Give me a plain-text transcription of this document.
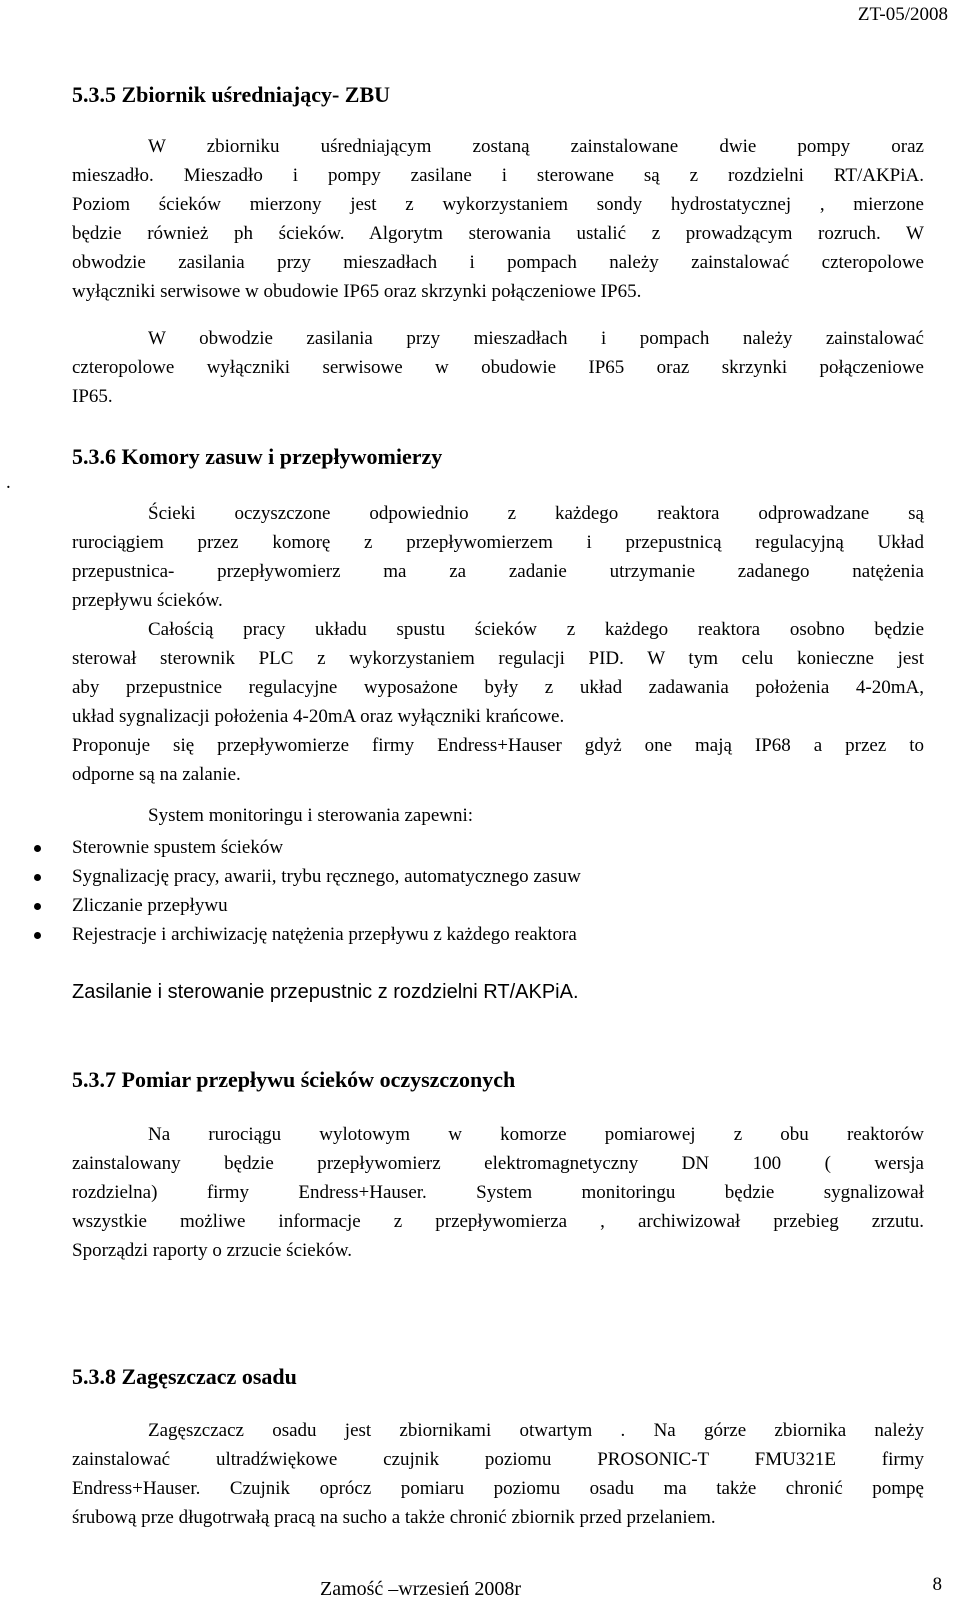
ZT-05/2008
5.3.5 Zbiornik uśredniający- ZBU
W zbiorniku uśredniającym zostaną zainstalowane dwie pompy oraz
mieszadło. Mieszadło i pompy zasilane i sterowane są z rozdzielni RT/AKPiA.
Poziom ścieków mierzony jest z wykorzystaniem sondy hydrostatycznej , mierzone
będzie również ph ścieków. Algorytm sterowania ustalić z prowadzącym rozruch. W
obwodzie zasilania przy mieszadłach i pompach należy zainstalować czteropolowe
wyłączniki serwisowe w obudowie IP65 oraz skrzynki połączeniowe IP65.
W obwodzie zasilania przy mieszadłach i pompach należy zainstalować
czteropolowe wyłączniki serwisowe w obudowie IP65 oraz skrzynki połączeniowe
IP65.
.
5.3.6 Komory zasuw i przepływomierzy
Ścieki oczyszczone odpowiednio z każdego reaktora odprowadzane są
rurociągiem przez komorę z przepływomierzem i przepustnicą regulacyjną Układ
przepustnica- przepływomierz ma za zadanie utrzymanie zadanego natężenia
przepływu ścieków.
Całością pracy układu spustu ścieków z każdego reaktora osobno będzie
sterował sterownik PLC z wykorzystaniem regulacji PID. W tym celu konieczne jest
aby przepustnice regulacyjne wyposażone były z układ zadawania położenia 4-20mA,
układ sygnalizacji położenia 4-20mA oraz wyłączniki krańcowe.
Proponuje się przepływomierze firmy Endress+Hauser gdyż one mają IP68 a przez to
odporne są na zalanie.
System monitoringu i sterowania zapewni:
Sterownie spustem ścieków
Sygnalizację pracy, awarii, trybu ręcznego, automatycznego zasuw
Zliczanie przepływu
Rejestracje i archiwizację natężenia przepływu z każdego reaktora
Zasilanie i sterowanie przepustnic z rozdzielni RT/AKPiA.
5.3.7 Pomiar przepływu ścieków oczyszczonych
Na rurociągu wylotowym w komorze pomiarowej z obu reaktorów
zainstalowany będzie przepływomierz elektromagnetyczny DN 100 ( wersja
rozdzielna) firmy Endress+Hauser. System monitoringu będzie sygnalizował
wszystkie możliwe informacje z przepływomierza , archiwizował przebieg zrzutu.
Sporządzi raporty o zrzucie ścieków.
5.3.8 Zagęszczacz osadu
Zagęszczacz osadu jest zbiornikami otwartym . Na górze zbiornika należy
zainstalować ultradźwiękowe czujnik poziomu PROSONIC-T FMU321E firmy
Endress+Hauser. Czujnik oprócz pomiaru poziomu osadu ma także chronić pompę
śrubową prze długotrwałą pracą na sucho a także chronić zbiornik przed przelaniem.
Zamość –wrzesień 2008r	8
